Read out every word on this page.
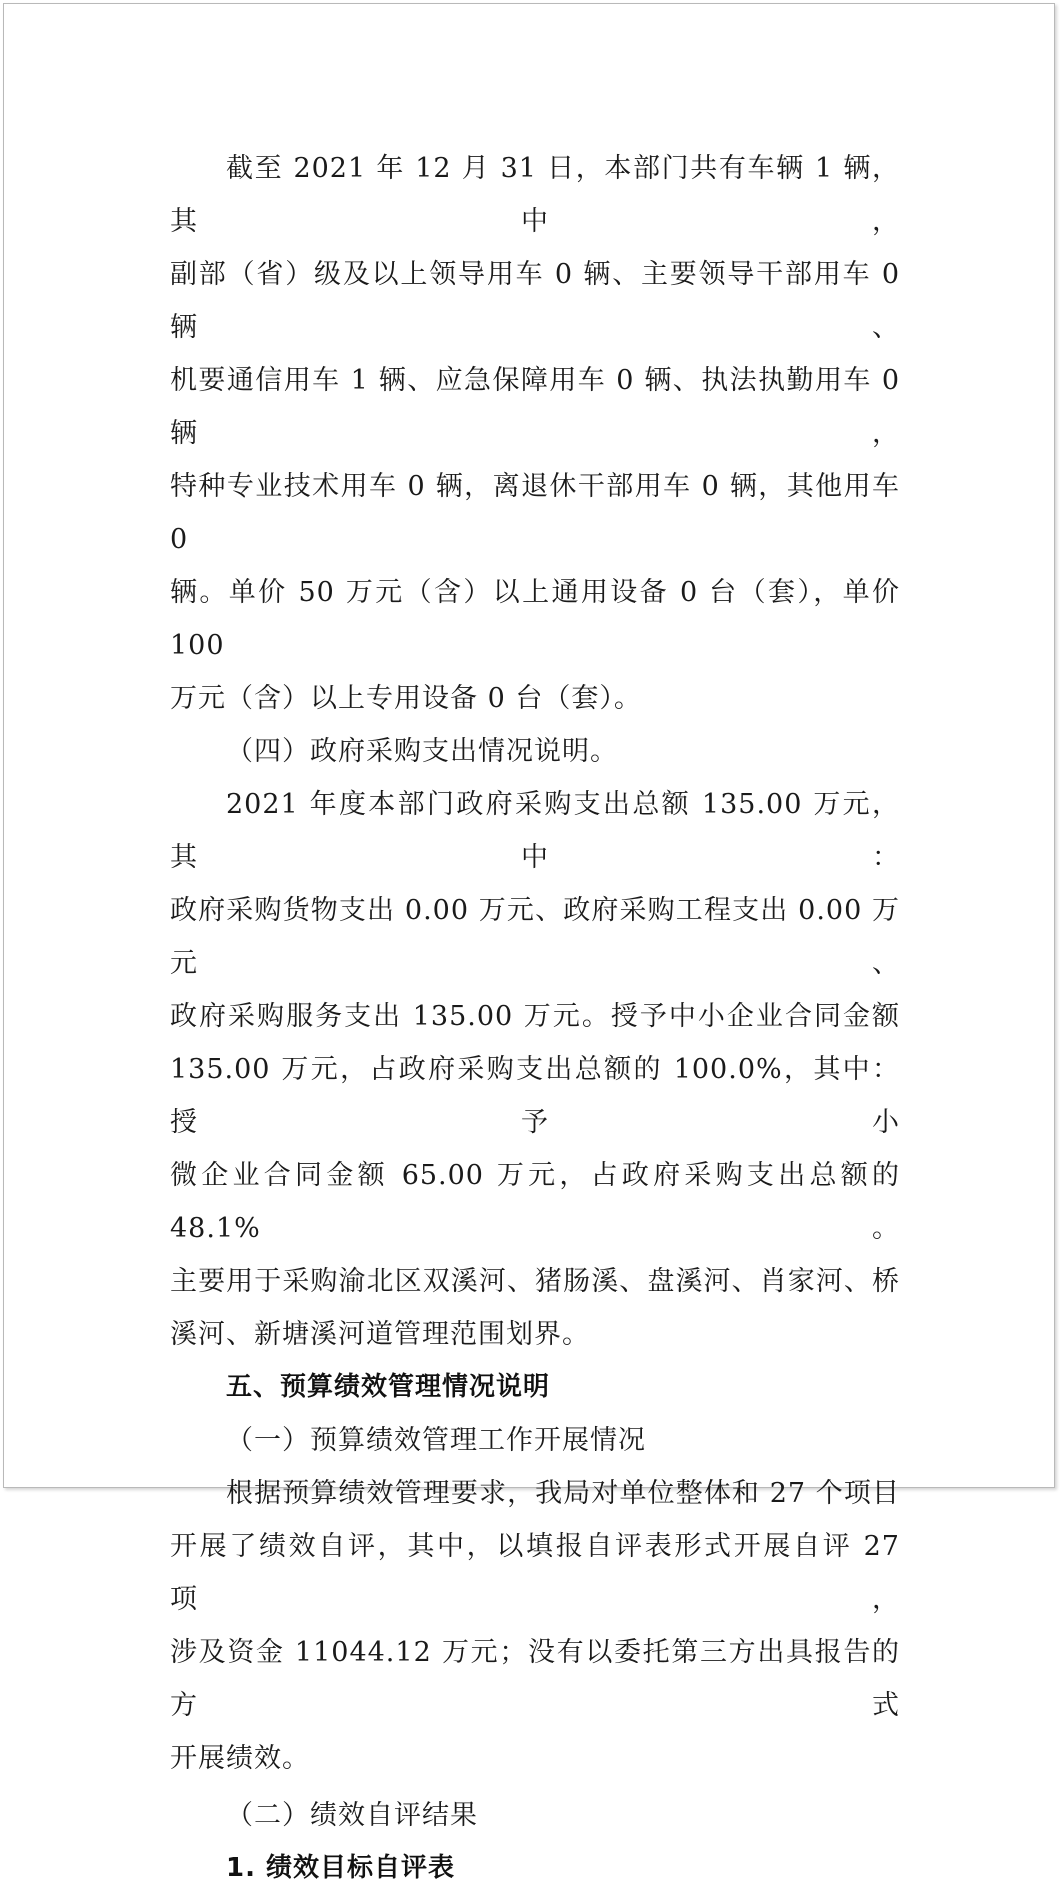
截至 2021 年 12 月 31 日，本部门共有车辆 1 辆，其中，

副部（省）级及以上领导用车 0 辆、主要领导干部用车 0 辆、

机要通信用车 1 辆、应急保障用车 0 辆、执法执勤用车 0 辆，

特种专业技术用车 0 辆，离退休干部用车 0 辆，其他用车 0

辆。单价 50 万元（含）以上通用设备 0 台（套），单价 100

万元（含）以上专用设备 0 台（套）。

（四）政府采购支出情况说明。

2021 年度本部门政府采购支出总额 135.00 万元，其中：

政府采购货物支出 0.00 万元、政府采购工程支出 0.00 万元、

政府采购服务支出 135.00 万元。授予中小企业合同金额

135.00 万元，占政府采购支出总额的 100.0%，其中：授予小

微企业合同金额 65.00 万元，占政府采购支出总额的 48.1%。

主要用于采购渝北区双溪河、猪肠溪、盘溪河、肖家河、桥

溪河、新塘溪河道管理范围划界。

五、预算绩效管理情况说明

（一）预算绩效管理工作开展情况

根据预算绩效管理要求，我局对单位整体和 27 个项目

开展了绩效自评，其中，以填报自评表形式开展自评 27 项，

涉及资金 11044.12 万元；没有以委托第三方出具报告的方式

开展绩效。

（二）绩效自评结果

1. 绩效目标自评表
